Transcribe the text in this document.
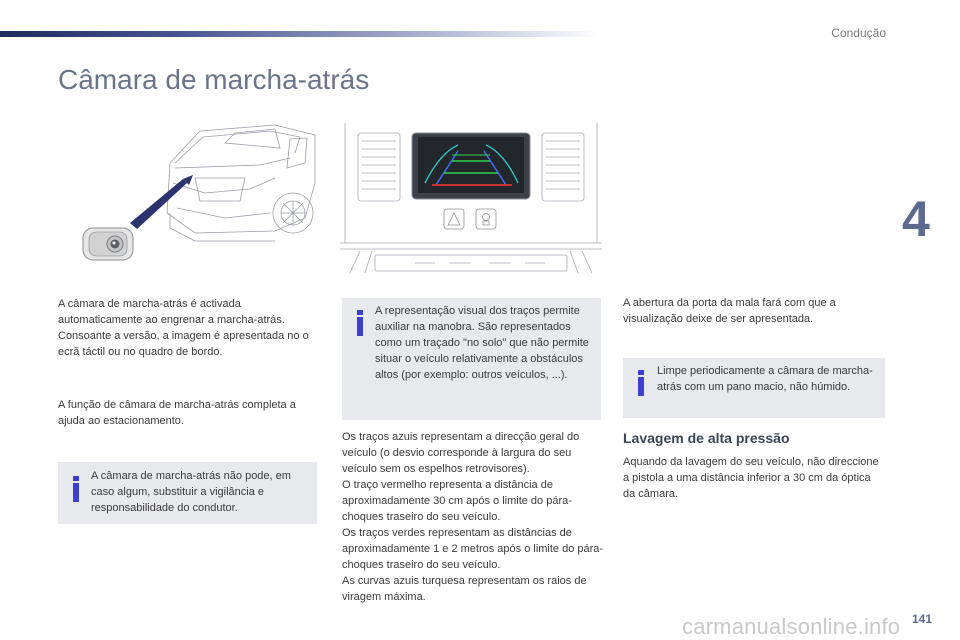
Condução
Câmara de marcha-atrás
4

A câmara de marcha-atrás é activada automaticamente ao engrenar a marcha-atrás. Consoante a versão, a imagem é apresentada no o ecrã táctil ou no quadro de bordo.

A função de câmara de marcha-atrás completa a ajuda ao estacionamento.

A câmara de marcha-atrás não pode, em caso algum, substituir a vigilância e responsabilidade do condutor.

A representação visual dos traços permite auxiliar na manobra. São representados como um traçado "no solo" que não permite situar o veículo relativamente a obstáculos altos (por exemplo: outros veículos, ...).

Os traços azuis representam a direcção geral do veículo (o desvio corresponde à largura do seu veículo sem os espelhos retrovisores).
O traço vermelho representa a distância de aproximadamente 30 cm após o limite do pára-choques traseiro do seu veículo.
Os traços verdes representam as distâncias de aproximadamente 1 e 2 metros após o limite do pára-choques traseiro do seu veículo.
As curvas azuis turquesa representam os raios de viragem máxima.

A abertura da porta da mala fará com que a visualização deixe de ser apresentada.

Limpe periodicamente a câmara de marcha-atrás com um pano macio, não húmido.

Lavagem de alta pressão

Aquando da lavagem do seu veículo, não direccione a pistola a uma distância inferior a 30 cm da óptica da câmara.

carmanualsonline.info 141
